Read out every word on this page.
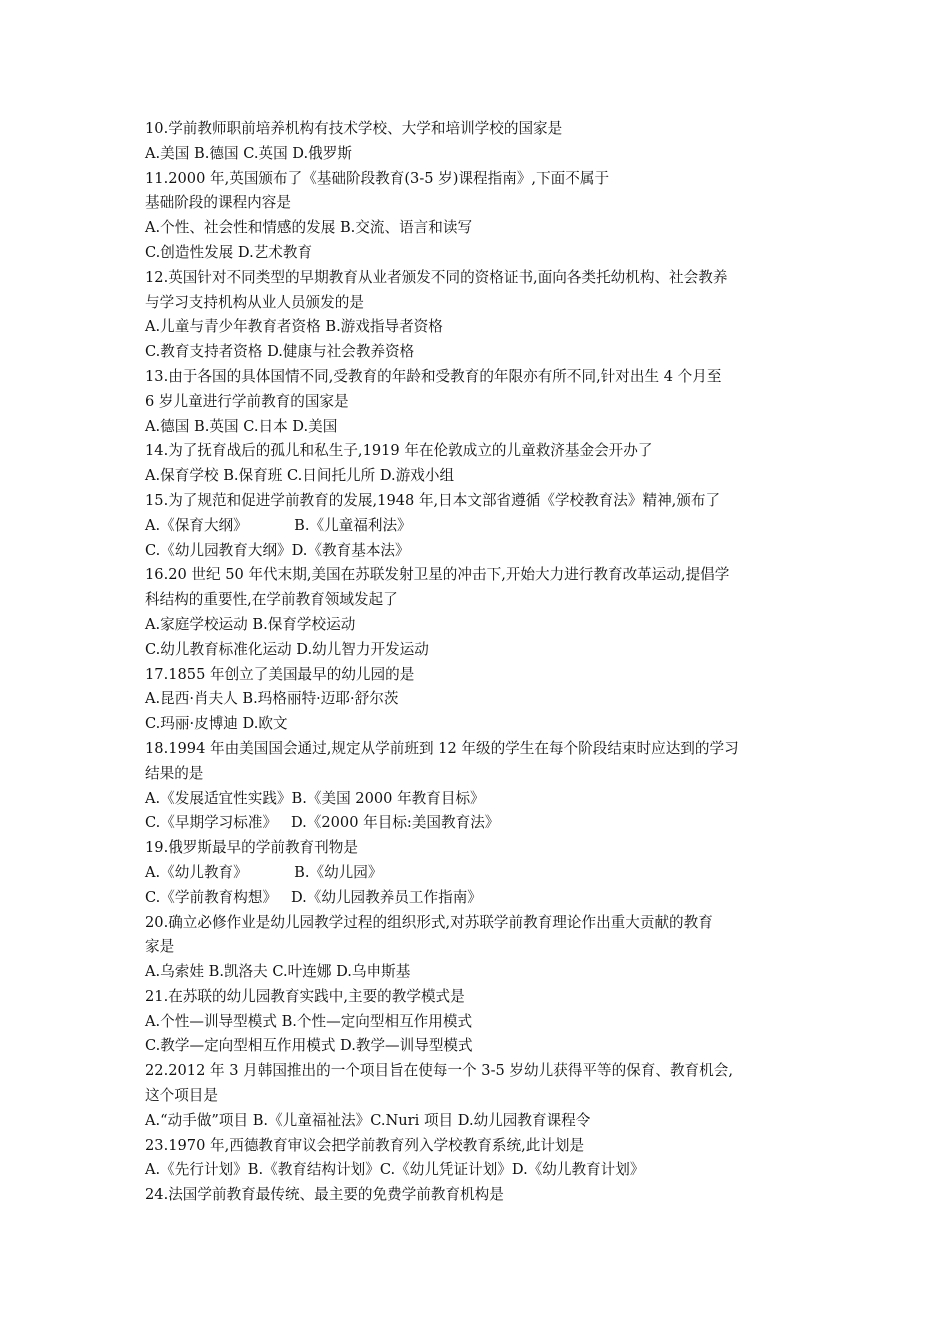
10.学前教师职前培养机构有技术学校、大学和培训学校的国家是
A.美国 B.德国 C.英国 D.俄罗斯
11.2000 年,英国颁布了《基础阶段教育(3-5 岁)课程指南》,下面不属于
基础阶段的课程内容是
A.个性、社会性和情感的发展 B.交流、语言和读写
C.创造性发展 D.艺术教育
12.英国针对不同类型的早期教育从业者颁发不同的资格证书,面向各类托幼机构、社会教养
与学习支持机构从业人员颁发的是
A.儿童与青少年教育者资格 B.游戏指导者资格
C.教育支持者资格 D.健康与社会教养资格
13.由于各国的具体国情不同,受教育的年龄和受教育的年限亦有所不同,针对出生 4 个月至
6 岁儿童进行学前教育的国家是
A.德国 B.英国 C.日本 D.美国
14.为了抚育战后的孤儿和私生子,1919 年在伦敦成立的儿童救济基金会开办了
A.保育学校 B.保育班 C.日间托儿所 D.游戏小组
15.为了规范和促进学前教育的发展,1948 年,日本文部省遵循《学校教育法》精神,颁布了
A.《保育大纲》          B.《儿童福利法》
C.《幼儿园教育大纲》D.《教育基本法》
16.20 世纪 50 年代末期,美国在苏联发射卫星的冲击下,开始大力进行教育改革运动,提倡学
科结构的重要性,在学前教育领域发起了
A.家庭学校运动 B.保育学校运动
C.幼儿教育标准化运动 D.幼儿智力开发运动
17.1855 年创立了美国最早的幼儿园的是
A.昆西·肖夫人 B.玛格丽特·迈耶·舒尔茨
C.玛丽·皮博迪 D.欧文
18.1994 年由美国国会通过,规定从学前班到 12 年级的学生在每个阶段结束时应达到的学习
结果的是
A.《发展适宜性实践》B.《美国 2000 年教育目标》
C.《早期学习标准》   D.《2000 年目标:美国教育法》
19.俄罗斯最早的学前教育刊物是
A.《幼儿教育》          B.《幼儿园》
C.《学前教育构想》   D.《幼儿园教养员工作指南》
20.确立必修作业是幼儿园教学过程的组织形式,对苏联学前教育理论作出重大贡献的教育
家是
A.乌索娃 B.凯洛夫 C.叶连娜 D.乌申斯基
21.在苏联的幼儿园教育实践中,主要的教学模式是
A.个性—训导型模式 B.个性—定向型相互作用模式
C.教学—定向型相互作用模式 D.教学—训导型模式
22.2012 年 3 月韩国推出的一个项目旨在使每一个 3-5 岁幼儿获得平等的保育、教育机会,
这个项目是
A.“动手做”项目 B.《儿童福祉法》C.Nuri 项目 D.幼儿园教育课程令
23.1970 年,西德教育审议会把学前教育列入学校教育系统,此计划是
A.《先行计划》B.《教育结构计划》C.《幼儿凭证计划》D.《幼儿教育计划》
24.法国学前教育最传统、最主要的免费学前教育机构是
